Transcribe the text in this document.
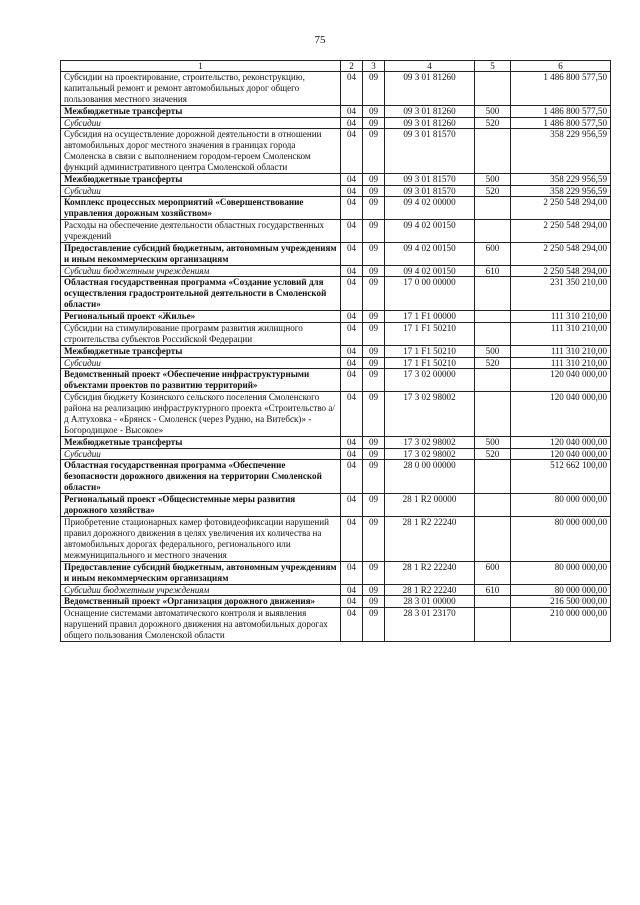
75
1	2	3	4	5	6
Субсидии на проектирование, строительство, реконструкцию, капитальный ремонт и ремонт автомобильных дорог общего пользования местного значения	04	09	09 3 01 81260		1 486 800 577,50
Межбюджетные трансферты	04	09	09 3 01 81260	500	1 486 800 577,50
Субсидии	04	09	09 3 01 81260	520	1 486 800 577,50
Субсидия на осуществление дорожной деятельности в отношении автомобильных дорог местного значения в границах города Смоленска в связи с выполнением городом-героем Смоленском функций административного центра Смоленской области	04	09	09 3 01 81570		358 229 956,59
Межбюджетные трансферты	04	09	09 3 01 81570	500	358 229 956,59
Субсидии	04	09	09 3 01 81570	520	358 229 956,59
Комплекс процессных мероприятий «Совершенствование управления дорожным хозяйством»	04	09	09 4 02 00000		2 250 548 294,00
Расходы на обеспечение деятельности областных государственных учреждений	04	09	09 4 02 00150		2 250 548 294,00
Предоставление субсидий бюджетным, автономным учреждениям и иным некоммерческим организациям	04	09	09 4 02 00150	600	2 250 548 294,00
Субсидии бюджетным учреждениям	04	09	09 4 02 00150	610	2 250 548 294,00
Областная государственная программа «Создание условий для осуществления градостроительной деятельности в Смоленской области»	04	09	17 0 00 00000		231 350 210,00
Региональный проект «Жилье»	04	09	17 1 F1 00000		111 310 210,00
Субсидии на стимулирование программ развития жилищного строительства субъектов Российской Федерации	04	09	17 1 F1 50210		111 310 210,00
Межбюджетные трансферты	04	09	17 1 F1 50210	500	111 310 210,00
Субсидии	04	09	17 1 F1 50210	520	111 310 210,00
Ведомственный проект «Обеспечение инфраструктурными объектами проектов по развитию территорий»	04	09	17 3 02 00000		120 040 000,00
Субсидия бюджету Козинского сельского поселения Смоленского района на реализацию инфраструктурного проекта «Строительство а/д Алтуховка - «Брянск - Смоленск (через Рудню, на Витебск)» - Богородицкое - Высокое»	04	09	17 3 02 98002		120 040 000,00
Межбюджетные трансферты	04	09	17 3 02 98002	500	120 040 000,00
Субсидии	04	09	17 3 02 98002	520	120 040 000,00
Областная государственная программа «Обеспечение безопасности дорожного движения на территории Смоленской области»	04	09	28 0 00 00000		512 662 100,00
Региональный проект «Общесистемные меры развития дорожного хозяйства»	04	09	28 1 R2 00000		80 000 000,00
Приобретение стационарных камер фотовидеофиксации нарушений правил дорожного движения в целях увеличения их количества на автомобильных дорогах федерального, регионального или межмуниципального и местного значения	04	09	28 1 R2 22240		80 000 000,00
Предоставление субсидий бюджетным, автономным учреждениям и иным некоммерческим организациям	04	09	28 1 R2 22240	600	80 000 000,00
Субсидии бюджетным учреждениям	04	09	28 1 R2 22240	610	80 000 000,00
Ведомственный проект «Организация дорожного движения»	04	09	28 3 01 00000		216 500 000,00
Оснащение системами автоматического контроля и выявления нарушений правил дорожного движения на автомобильных дорогах общего пользования Смоленской области	04	09	28 3 01 23170		210 000 000,00
